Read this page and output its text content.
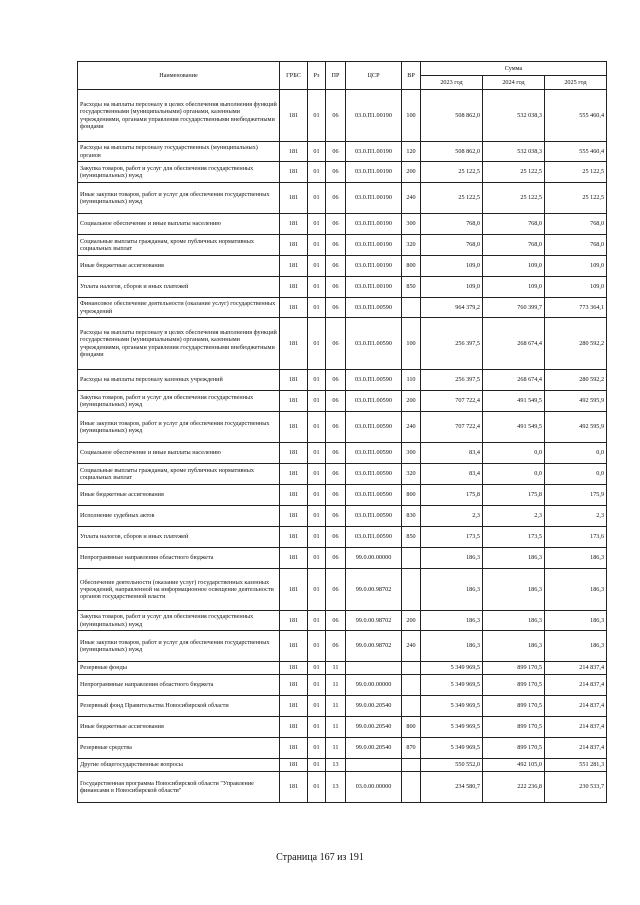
Наименование	ГРБС	Рз	ПР	ЦСР	ВР	Сумма		
						2023 год	2024 год	2025 год
Расходы на выплаты персоналу в целях обеспечения выполнения функций государственными (муниципальными) органами, казенными учреждениями, органами управления государственными внебюджетными фондами	181	01	06	03.0.П1.00190	100	508 862,0	532 038,3	555 460,4
Расходы на выплаты персоналу государственных (муниципальных) органов	181	01	06	03.0.П1.00190	120	508 862,0	532 038,3	555 460,4
Закупка товаров, работ и услуг для обеспечения государственных (муниципальных) нужд	181	01	06	03.0.П1.00190	200	25 122,5	25 122,5	25 122,5
Иные закупки товаров, работ и услуг для обеспечения государственных (муниципальных) нужд	181	01	06	03.0.П1.00190	240	25 122,5	25 122,5	25 122,5
Социальное обеспечение и иные выплаты населению	181	01	06	03.0.П1.00190	300	768,0	768,0	768,0
Социальные выплаты гражданам, кроме публичных нормативных социальных выплат	181	01	06	03.0.П1.00190	320	768,0	768,0	768,0
Иные бюджетные ассигнования	181	01	06	03.0.П1.00190	800	109,0	109,0	109,0
Уплата налогов, сборов и иных платежей	181	01	06	03.0.П1.00190	850	109,0	109,0	109,0
Финансовое обеспечение деятельности (оказание услуг) государственных учреждений	181	01	06	03.0.П1.00590		964 379,2	760 399,7	773 364,1
Расходы на выплаты персоналу в целях обеспечения выполнения функций государственными (муниципальными) органами, казенными учреждениями, органами управления государственными внебюджетными фондами	181	01	06	03.0.П1.00590	100	256 397,5	268 674,4	280 592,2
Расходы на выплаты персоналу казенных учреждений	181	01	06	03.0.П1.00590	110	256 397,5	268 674,4	280 592,2
Закупка товаров, работ и услуг для обеспечения государственных (муниципальных) нужд	181	01	06	03.0.П1.00590	200	707 722,4	491 549,5	492 595,9
Иные закупки товаров, работ и услуг для обеспечения государственных (муниципальных) нужд	181	01	06	03.0.П1.00590	240	707 722,4	491 549,5	492 595,9
Социальное обеспечение и иные выплаты населению	181	01	06	03.0.П1.00590	300	83,4	0,0	0,0
Социальные выплаты гражданам, кроме публичных нормативных социальных выплат	181	01	06	03.0.П1.00590	320	83,4	0,0	0,0
Иные бюджетные ассигнования	181	01	06	03.0.П1.00590	800	175,8	175,8	175,9
Исполнение судебных актов	181	01	06	03.0.П1.00590	830	2,3	2,3	2,3
Уплата налогов, сборов и иных платежей	181	01	06	03.0.П1.00590	850	173,5	173,5	173,6
Непрограммные направления областного бюджета	181	01	06	99.0.00.00000		186,3	186,3	186,3
Обеспечение деятельности (оказание услуг) государственных казенных учреждений, направленной на информационное освещение деятельности органов государственной власти	181	01	06	99.0.00.98702		186,3	186,3	186,3
Закупка товаров, работ и услуг для обеспечения государственных (муниципальных) нужд	181	01	06	99.0.00.98702	200	186,3	186,3	186,3
Иные закупки товаров, работ и услуг для обеспечения государственных (муниципальных) нужд	181	01	06	99.0.00.98702	240	186,3	186,3	186,3
Резервные фонды	181	01	11			5 349 969,5	899 170,5	214 837,4
Непрограммные направления областного бюджета	181	01	11	99.0.00.00000		5 349 969,5	899 170,5	214 837,4
Резервный фонд Правительства Новосибирской области	181	01	11	99.0.00.20540		5 349 969,5	899 170,5	214 837,4
Иные бюджетные ассигнования	181	01	11	99.0.00.20540	800	5 349 969,5	899 170,5	214 837,4
Резервные средства	181	01	11	99.0.00.20540	870	5 349 969,5	899 170,5	214 837,4
Другие общегосударственные вопросы	181	01	13			550 552,0	492 105,0	551 281,3
Государственная программа Новосибирской области "Управление финансами в Новосибирской области"	181	01	13	03.0.00.00000		234 580,7	222 236,8	230 533,7
Страница 167 из 191
